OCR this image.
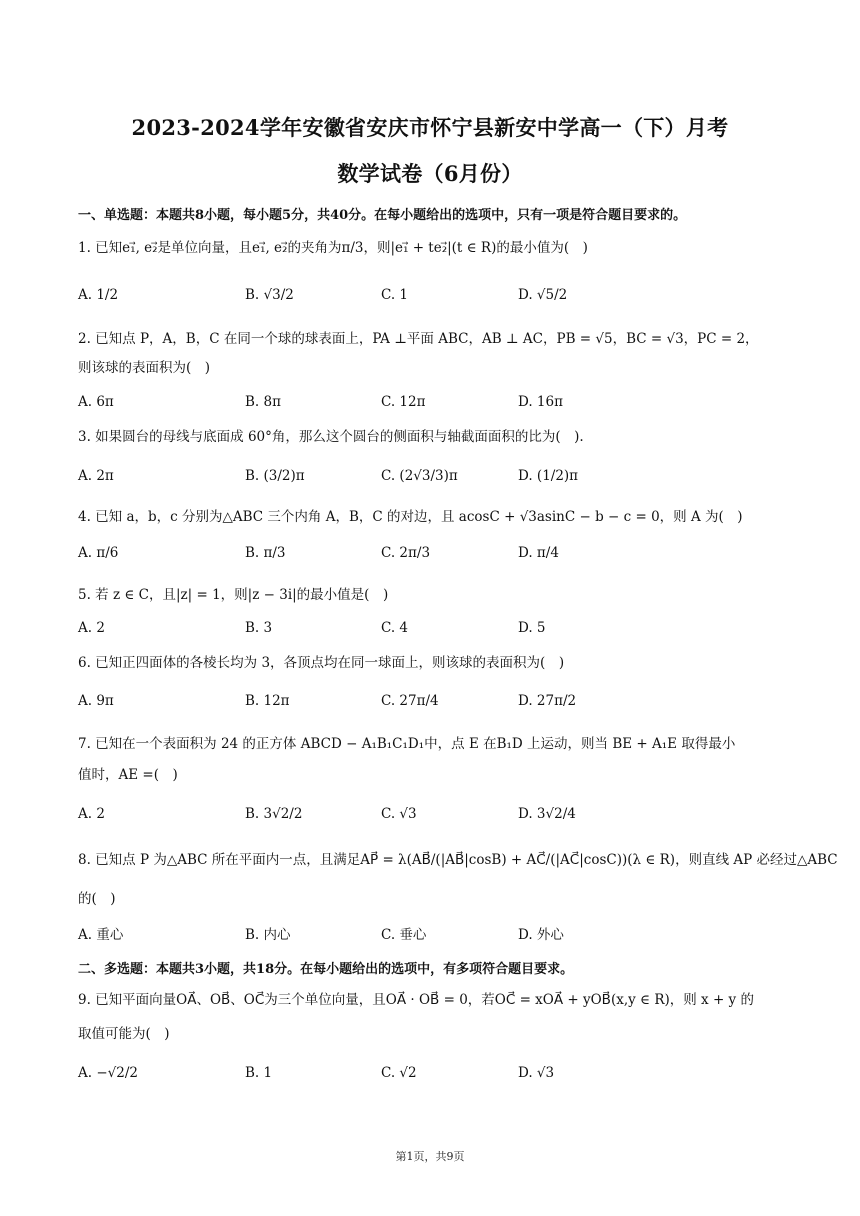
2023-2024学年安徽省安庆市怀宁县新安中学高一（下）月考
数学试卷（6月份）
一、单选题：本题共8小题，每小题5分，共40分。在每小题给出的选项中，只有一项是符合题目要求的。
1. 已知e₁⃗, e₂⃗是单位向量，且e₁⃗, e₂⃗的夹角为π/3，则|e₁⃗ + te₂⃗|(t ∈ R)的最小值为(　)
A. 1/2	B. √3/2	C. 1	D. √5/2
2. 已知点 P，A，B，C 在同一个球的球表面上，PA ⊥平面 ABC，AB ⊥ AC，PB = √5，BC = √3，PC = 2，
则该球的表面积为(　)
A. 6π	B. 8π	C. 12π	D. 16π
3. 如果圆台的母线与底面成 60°角，那么这个圆台的侧面积与轴截面面积的比为(　).
A. 2π	B. (3/2)π	C. (2√3/3)π	D. (1/2)π
4. 已知 a，b，c 分别为△ABC 三个内角 A，B，C 的对边，且 acosC + √3asinC − b − c = 0，则 A 为(　)
A. π/6	B. π/3	C. 2π/3	D. π/4
5. 若 z ∈ C，且|z| = 1，则|z − 3i|的最小值是(　)
A. 2	B. 3	C. 4	D. 5
6. 已知正四面体的各棱长均为 3，各顶点均在同一球面上，则该球的表面积为(　)
A. 9π	B. 12π	C. 27π/4	D. 27π/2
7. 已知在一个表面积为 24 的正方体 ABCD − A₁B₁C₁D₁中，点 E 在B₁D 上运动，则当 BE + A₁E 取得最小
值时，AE =(　)
A. 2	B. 3√2/2	C. √3	D. 3√2/4
8. 已知点 P 为△ABC 所在平面内一点，且满足AP⃗ = λ(AB⃗/(|AB⃗|cosB) + AC⃗/(|AC⃗|cosC))(λ ∈ R)，则直线 AP 必经过△ABC
的(　)
A. 重心	B. 内心	C. 垂心	D. 外心
二、多选题：本题共3小题，共18分。在每小题给出的选项中，有多项符合题目要求。
9. 已知平面向量OA⃗、OB⃗、OC⃗为三个单位向量，且OA⃗ · OB⃗ = 0，若OC⃗ = xOA⃗ + yOB⃗(x,y ∈ R)，则 x + y 的
取值可能为(　)
A. −√2/2	B. 1	C. √2	D. √3
第1页，共9页
